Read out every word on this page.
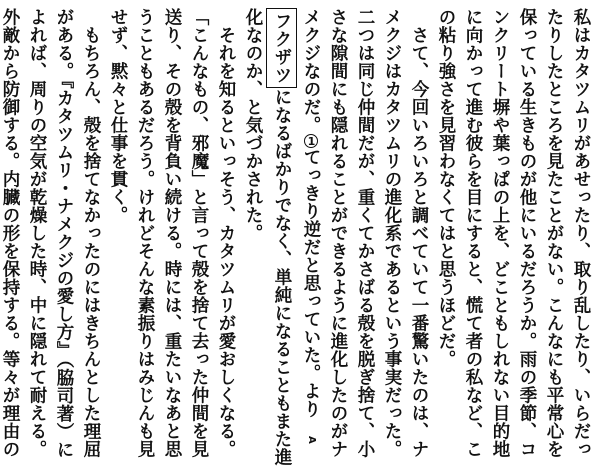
私はカタツムリがあせったり、取り乱したり、いらだったりしたところを見たことがない。こんなにも平常心を保っている生きものが他にいるだろうか。雨の季節、コンクリート塀や葉っぱの上を、どこともしれない目的地に向かって進む彼らを目にすると、慌て者の私など、この粘り強さを見習わなくてはと思うほどだ。

さて、今回いろいろと調べていて一番驚いたのは、ナメクジはカタツムリの進化系であるという事実だった。二つは同じ仲間だが、重くてかさばる殻を脱ぎ捨て、小さな隙間にも隠れることができるように進化したのがナメクジなのだ。1てっきり逆だと思っていた。よりAフクザツになるばかりでなく、単純になることもまた進化なのか、と気づかされた。

それを知るといっそう、カタツムリが愛おしくなる。「こんなもの、邪魔」と言って殻を捨て去った仲間を見送り、その殻を背負い続ける。時には、重たいなあと思うこともあるだろう。けれどそんな素振りはみじんも見せず、黙々と仕事を貫く。

もちろん、殻を捨てなかったのにはきちんとした理屈がある。『カタツムリ・ナメクジの愛し方』（脇司著）によれば、周りの空気が乾燥した時、中に隠れて耐える。外敵から防御する。内臓の形を保持する。等々が理由の
